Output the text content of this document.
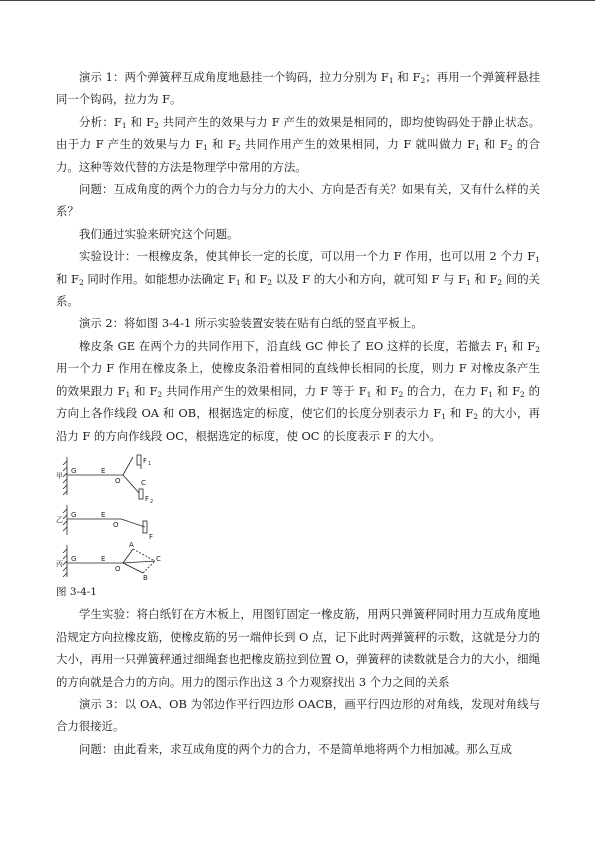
演示 1：两个弹簧秤互成角度地悬挂一个钩码，拉力分别为 $F_1$ 和 $F_2$；再用一个弹簧秤悬挂同一个钩码，拉力为 F。

分析：$F_1$ 和 $F_2$ 共同产生的效果与力 F 产生的效果是相同的，即均使钩码处于静止状态。由于力 F 产生的效果与力 $F_1$ 和 $F_2$ 共同作用产生的效果相同，力 F 就叫做力 $F_1$ 和 $F_2$ 的合力。这种等效代替的方法是物理学中常用的方法。

问题：互成角度的两个力的合力与分力的大小、方向是否有关？如果有关，又有什么样的关系？

我们通过实验来研究这个问题。

实验设计：一根橡皮条，使其伸长一定的长度，可以用一个力 F 作用，也可以用 2 个力 $F_1$ 和 $F_2$ 同时作用。如能想办法确定 $F_1$ 和 $F_2$ 以及 F 的大小和方向，就可知 F 与 $F_1$ 和 $F_2$ 间的关系。

演示 2：将如图 3-4-1 所示实验装置安装在贴有白纸的竖直平板上。

橡皮条 GE 在两个力的共同作用下，沿直线 GC 伸长了 EO 这样的长度，若撤去 $F_1$ 和 $F_2$ 用一个力 F 作用在橡皮条上，使橡皮条沿着相同的直线伸长相同的长度，则力 F 对橡皮条产生的效果跟力 $F_1$ 和 $F_2$ 共同作用产生的效果相同，力 F 等于 $F_1$ 和 $F_2$ 的合力，在力 $F_1$ 和 $F_2$ 的方向上各作线段 OA 和 OB，根据选定的标度，使它们的长度分别表示力 $F_1$ 和 $F_2$ 的大小，再沿力 F 的方向作线段 OC，根据选定的标度，使 OC 的长度表示 F 的大小。

甲
G	E
O
F 1
C
F 2
乙
G	E
O
F
丙
G	E
O
A
C
B
图 3-4-1

学生实验：将白纸钉在方木板上，用图钉固定一橡皮筋，用两只弹簧秤同时用力互成角度地沿规定方向拉橡皮筋，使橡皮筋的另一端伸长到 O 点，记下此时两弹簧秤的示数，这就是分力的大小，再用一只弹簧秤通过细绳套也把橡皮筋拉到位置 O，弹簧秤的读数就是合力的大小，细绳的方向就是合力的方向。用力的图示作出这 3 个力观察找出 3 个力之间的关系

演示 3：以 OA、OB 为邻边作平行四边形 OACB，画平行四边形的对角线，发现对角线与合力很接近。

问题：由此看来，求互成角度的两个力的合力，不是简单地将两个力相加减。那么互成
